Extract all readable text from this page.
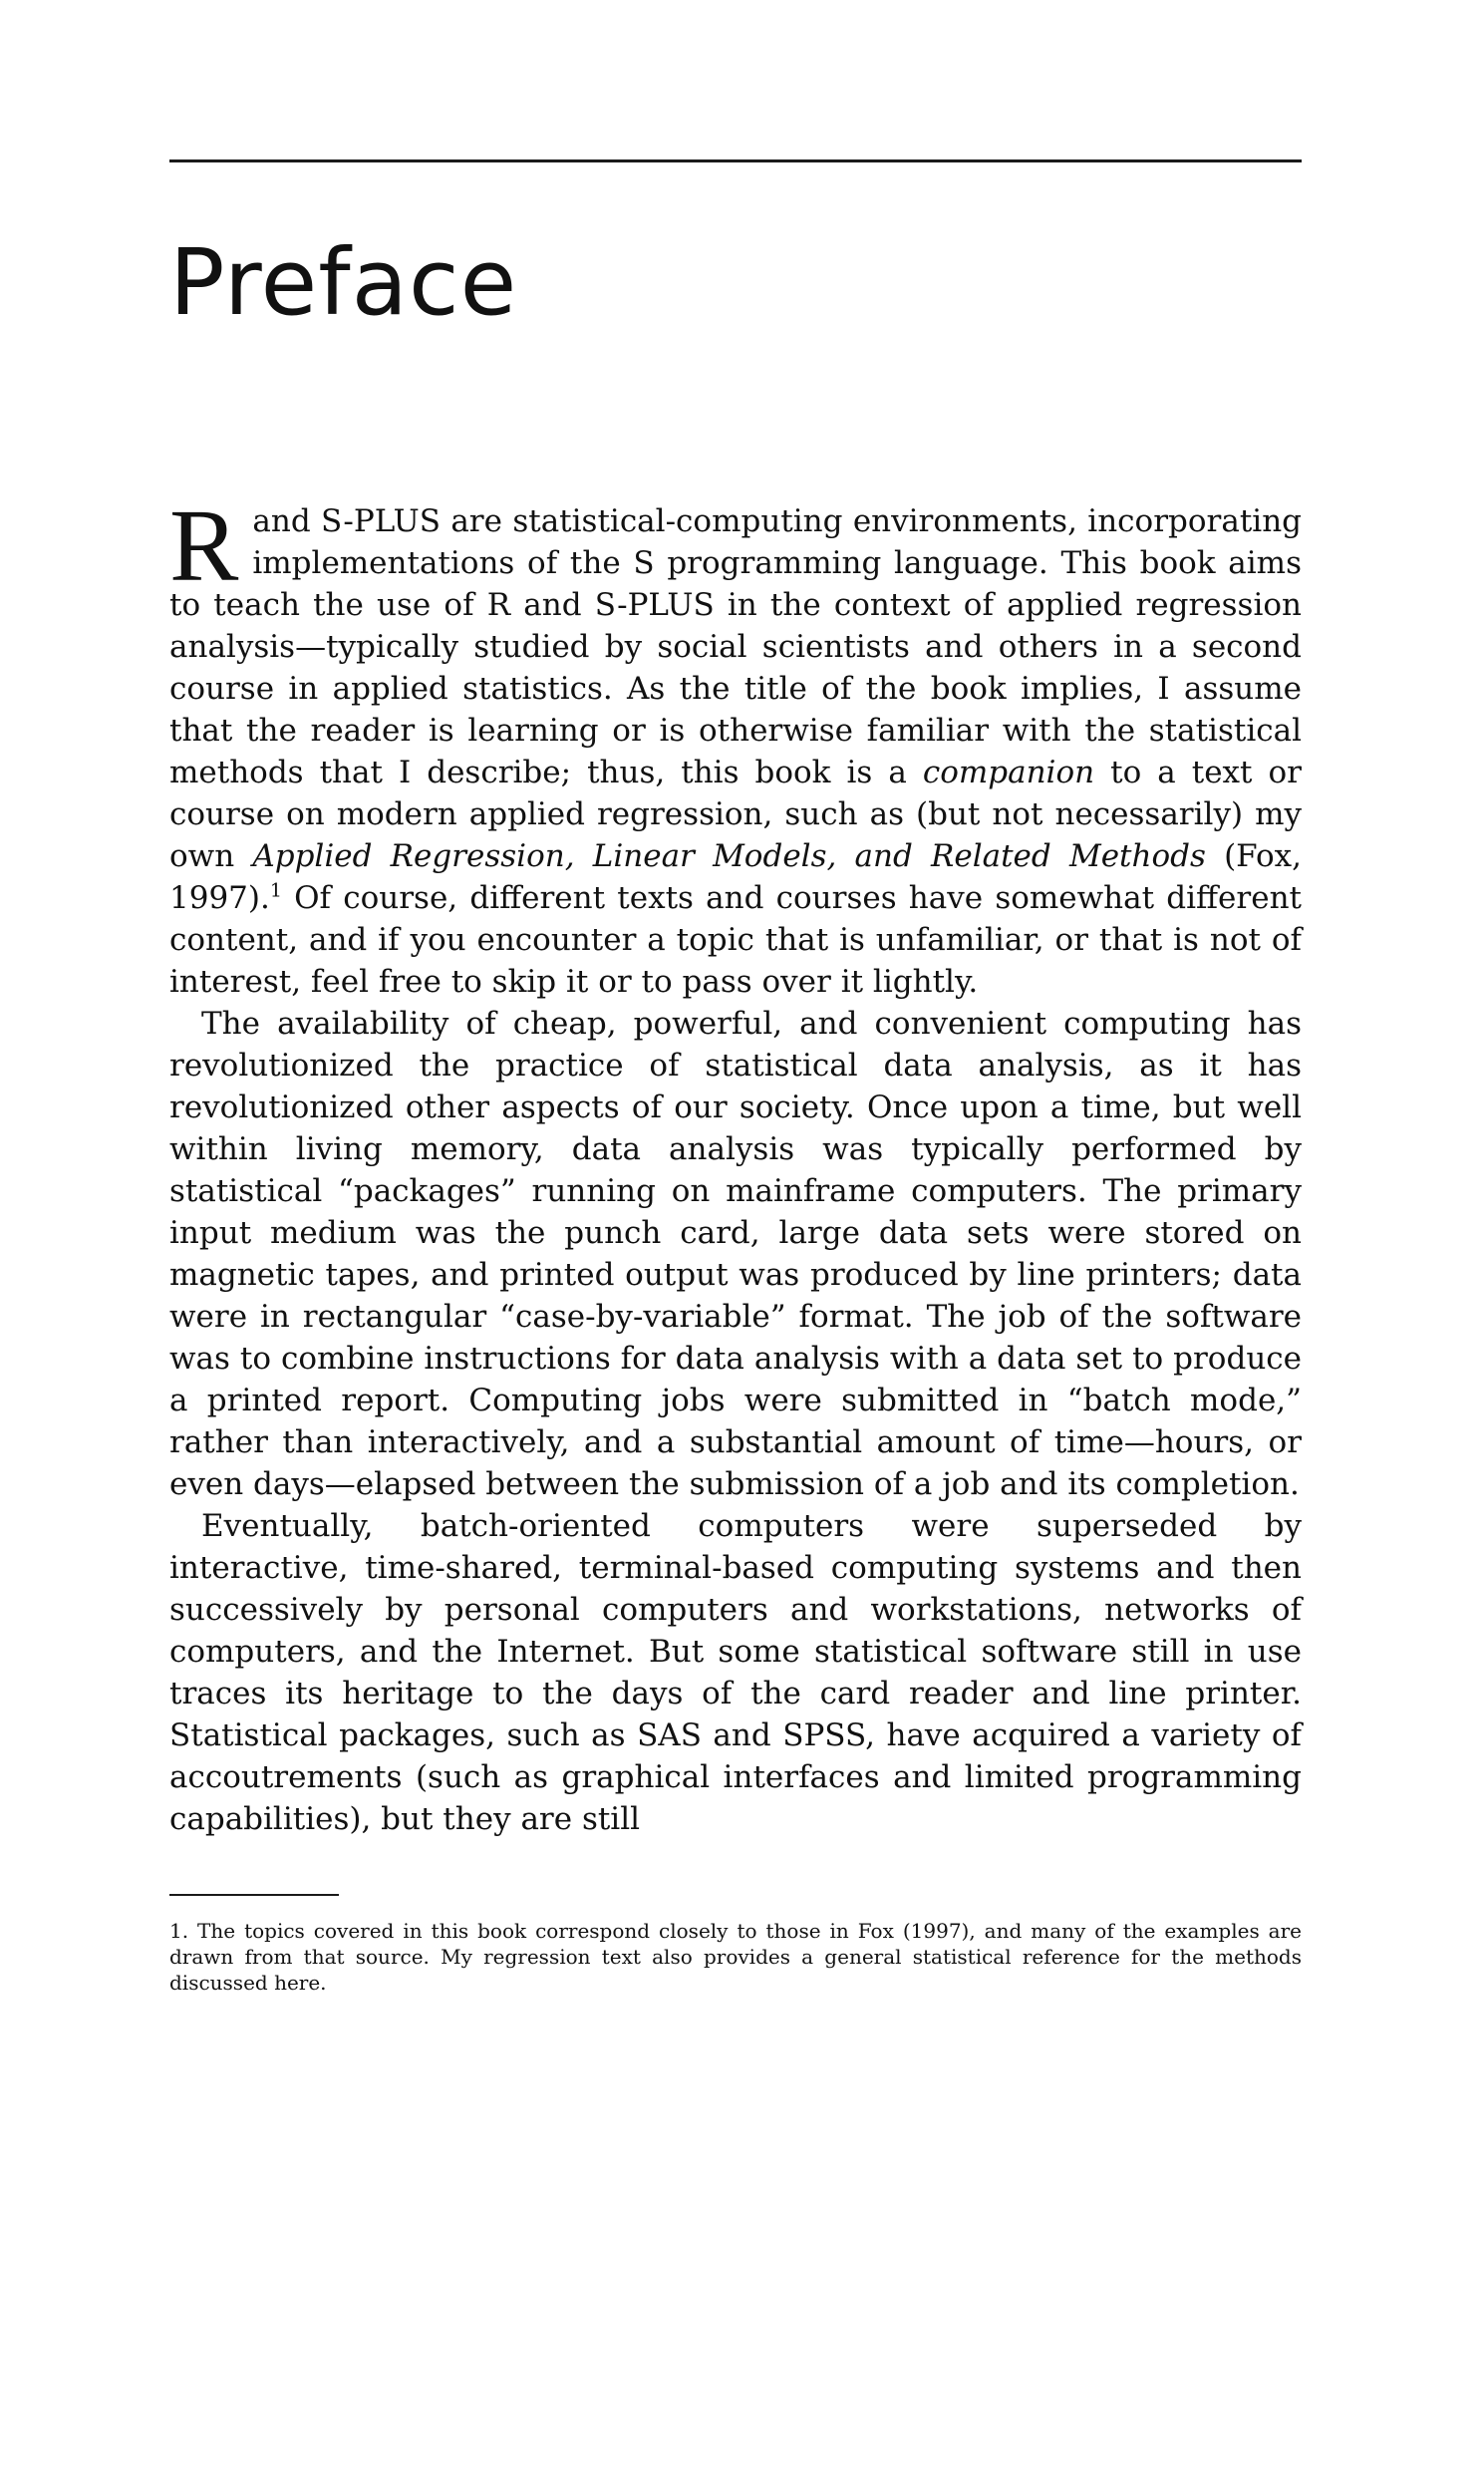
Preface

R and S-PLUS are statistical-computing environments, incorporating implementations of the S programming language. This book aims to teach the use of R and S-PLUS in the context of applied regression analysis—typically studied by social scientists and others in a second course in applied statistics. As the title of the book implies, I assume that the reader is learning or is otherwise familiar with the statistical methods that I describe; thus, this book is a companion to a text or course on modern applied regression, such as (but not necessarily) my own Applied Regression, Linear Models, and Related Methods (Fox, 1997).$^1$ Of course, different texts and courses have somewhat different content, and if you encounter a topic that is unfamiliar, or that is not of interest, feel free to skip it or to pass over it lightly.

The availability of cheap, powerful, and convenient computing has revolutionized the practice of statistical data analysis, as it has revolutionized other aspects of our society. Once upon a time, but well within living memory, data analysis was typically performed by statistical “packages” running on mainframe computers. The primary input medium was the punch card, large data sets were stored on magnetic tapes, and printed output was produced by line printers; data were in rectangular “case-by-variable” format. The job of the software was to combine instructions for data analysis with a data set to produce a printed report. Computing jobs were submitted in “batch mode,” rather than interactively, and a substantial amount of time—hours, or even days—elapsed between the submission of a job and its completion.

Eventually, batch-oriented computers were superseded by interactive, time-shared, terminal-based computing systems and then successively by personal computers and workstations, networks of computers, and the Internet. But some statistical software still in use traces its heritage to the days of the card reader and line printer. Statistical packages, such as SAS and SPSS, have acquired a variety of accoutrements (such as graphical interfaces and limited programming capabilities), but they are still

1. The topics covered in this book correspond closely to those in Fox (1997), and many of the examples are drawn from that source. My regression text also provides a general statistical reference for the methods discussed here.
